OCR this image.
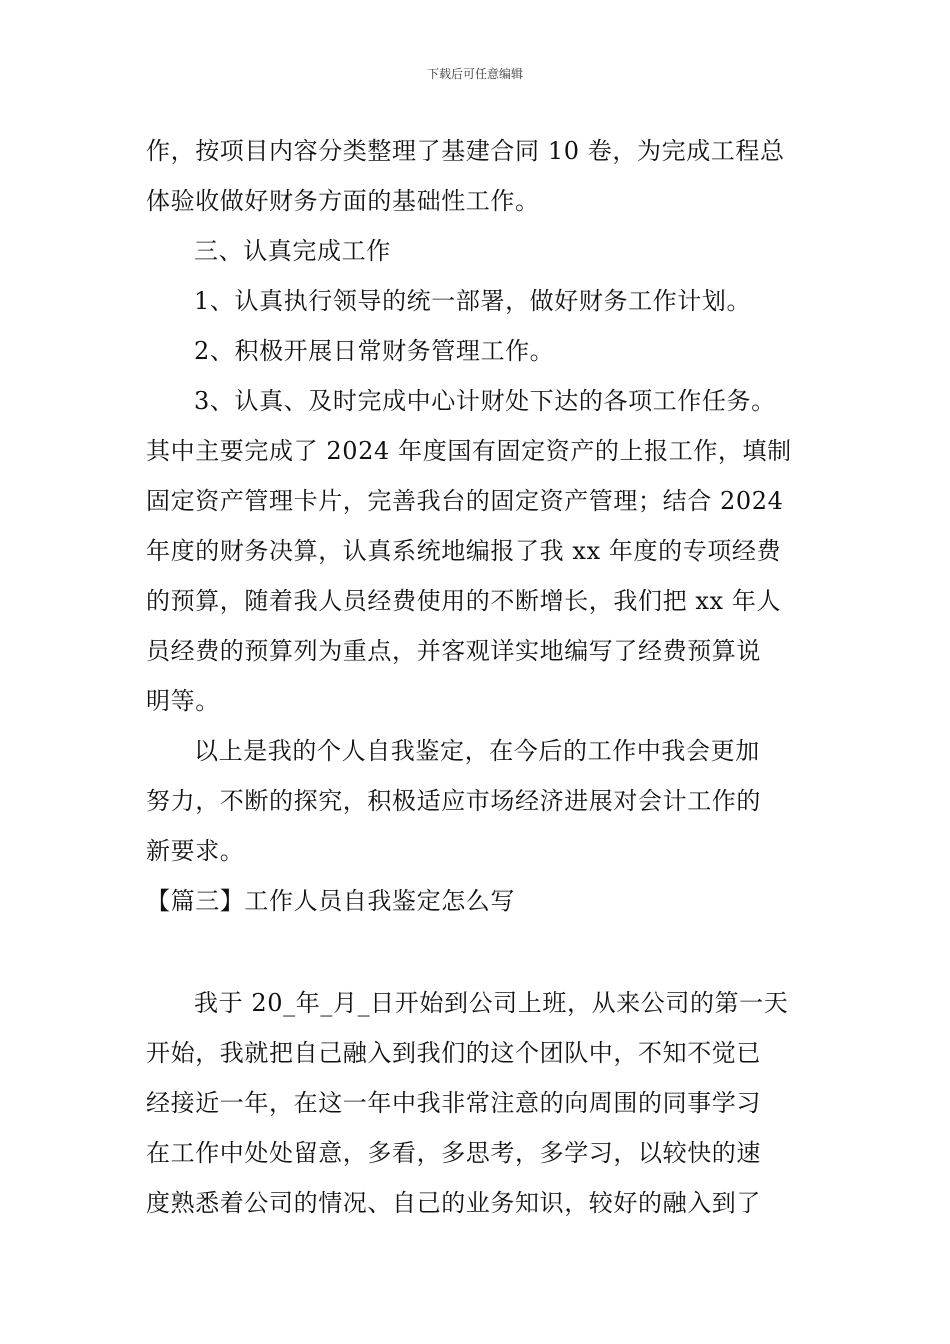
下载后可任意编辑
作，按项目内容分类整理了基建合同 10 卷，为完成工程总
体验收做好财务方面的基础性工作。
三、认真完成工作
1、认真执行领导的统一部署，做好财务工作计划。
2、积极开展日常财务管理工作。
3、认真、及时完成中心计财处下达的各项工作任务。
其中主要完成了 2024 年度国有固定资产的上报工作，填制
固定资产管理卡片，完善我台的固定资产管理；结合 2024
年度的财务决算，认真系统地编报了我 xx 年度的专项经费
的预算，随着我人员经费使用的不断增长，我们把 xx 年人
员经费的预算列为重点，并客观详实地编写了经费预算说
明等。
以上是我的个人自我鉴定，在今后的工作中我会更加
努力，不断的探究，积极适应市场经济进展对会计工作的
新要求。
【篇三】工作人员自我鉴定怎么写
我于 20_年_月_日开始到公司上班，从来公司的第一天
开始，我就把自己融入到我们的这个团队中，不知不觉已
经接近一年，在这一年中我非常注意的向周围的同事学习
在工作中处处留意，多看，多思考，多学习，以较快的速
度熟悉着公司的情况、自己的业务知识，较好的融入到了
